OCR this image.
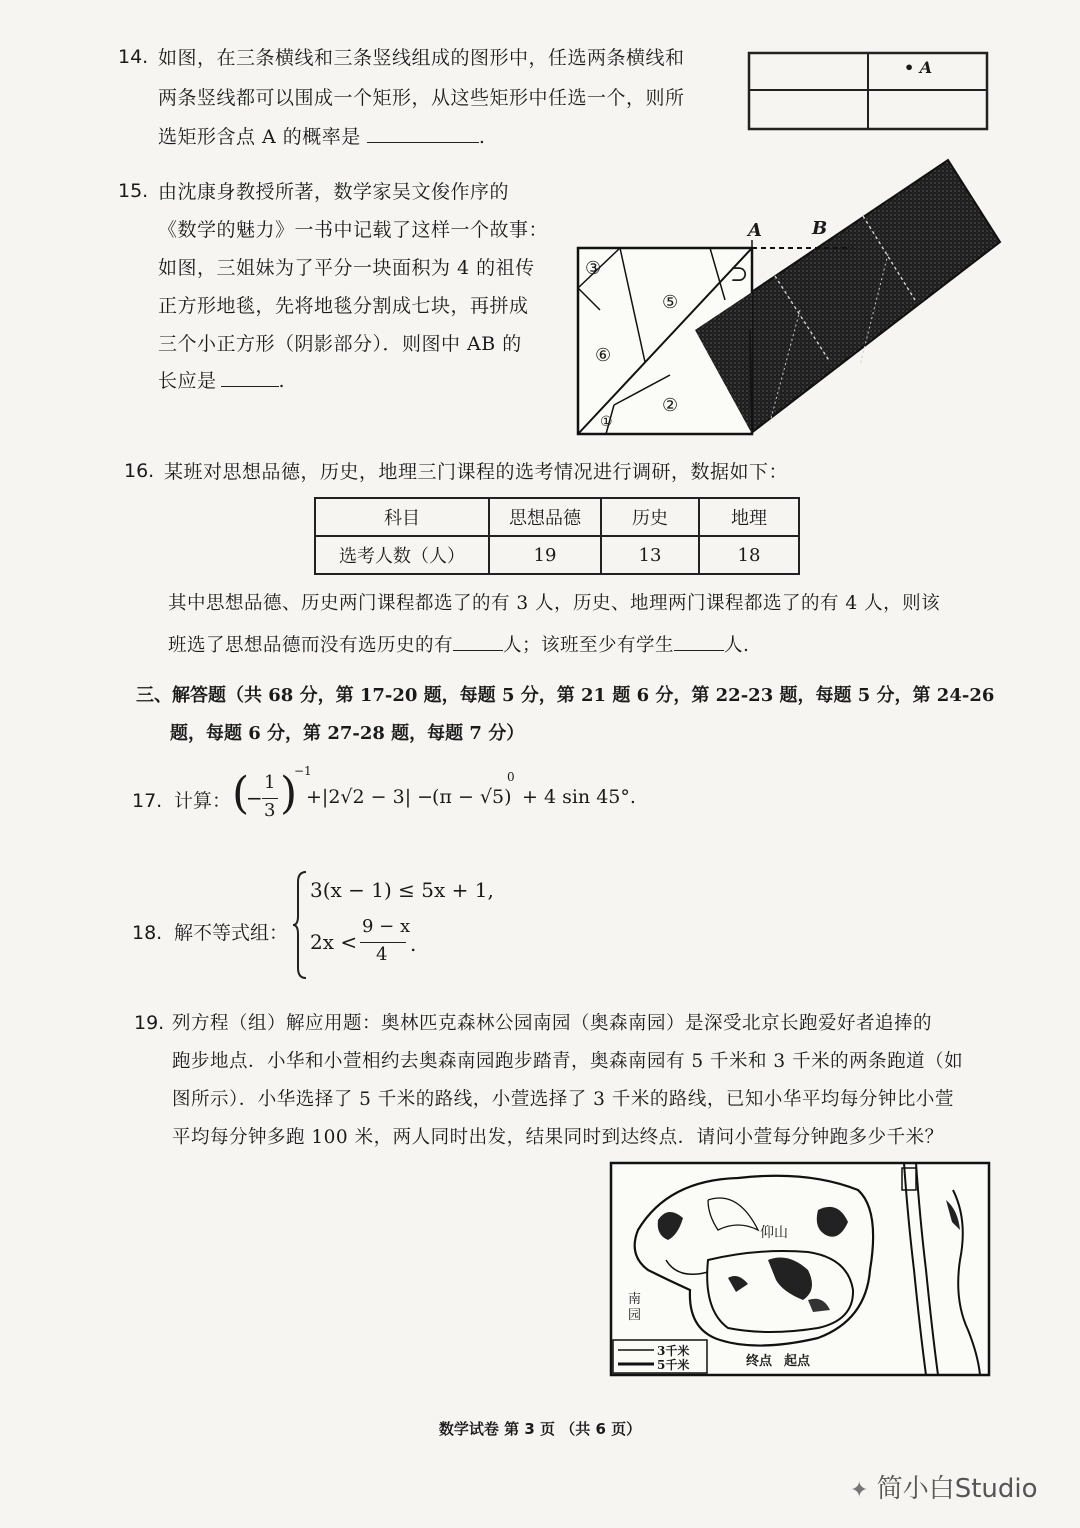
14. 如图，在三条横线和三条竖线组成的图形中，任选两条横线和
两条竖线都可以围成一个矩形，从这些矩形中任选一个，则所
选矩形含点 A 的概率是	.
• A
15. 由沈康身教授所著，数学家吴文俊作序的
《数学的魅力》一书中记载了这样一个故事：
如图，三姐妹为了平分一块面积为 4 的祖传
正方形地毯，先将地毯分割成七块，再拼成
三个小正方形（阴影部分）．则图中 AB 的
长应是	.
A	B
③
⑤
⑥
②
①
⊃
16. 某班对思想品德，历史，地理三门课程的选考情况进行调研，数据如下：
科目	思想品德	历史	地理
选考人数（人）	19	13	18
其中思想品德、历史两门课程都选了的有 3 人，历史、地理两门课程都选了的有 4 人，则该
班选了思想品德而没有选历史的有	人；该班至少有学生	人.
三、解答题（共 68 分，第 17-20 题，每题 5 分，第 21 题 6 分，第 22-23 题，每题 5 分，第 24-26
题，每题 6 分，第 27-28 题，每题 7 分）
17. 计算： (
−
1
3 )
−1
+|2√2 − 3| −
(π − √5)
0
+ 4 sin 45°.
18. 解不等式组：
3(x − 1) ≤ 5x + 1,
2x <
9 − x
4 .
19. 列方程（组）解应用题：奥林匹克森林公园南园（奥森南园）是深受北京长跑爱好者追捧的
跑步地点．小华和小萱相约去奥森南园跑步踏青，奥森南园有 5 千米和 3 千米的两条跑道（如
图所示）．小华选择了 5 千米的路线，小萱选择了 3 千米的路线，已知小华平均每分钟比小萱
平均每分钟多跑 100 米，两人同时出发，结果同时到达终点．请问小萱每分钟跑多少千米？
仰山
南园
3千米
5千米	终点 起点
数学试卷 第 3 页 （共 6 页）
✦ 简小白Studio
